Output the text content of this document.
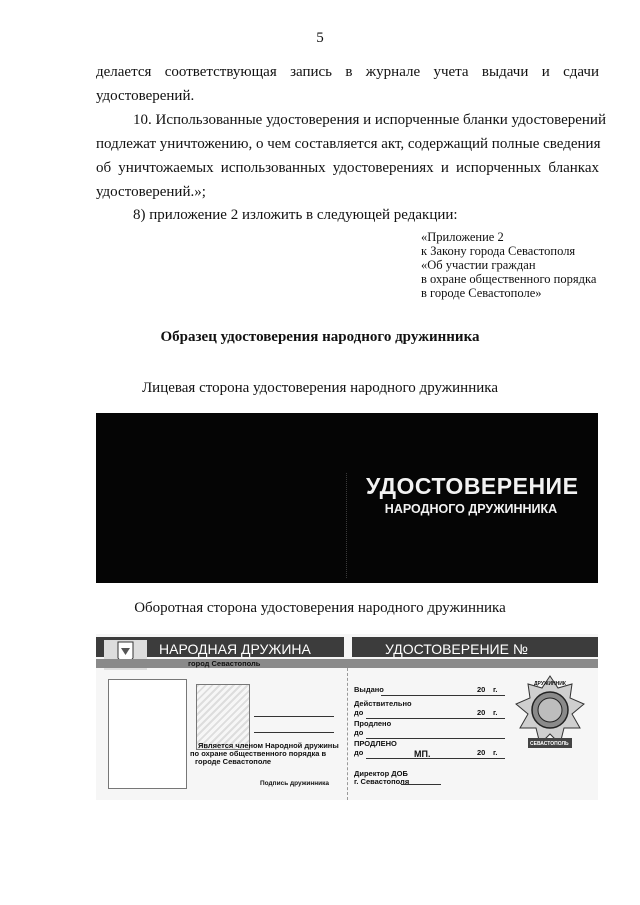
5
делается соответствующая запись в журнале учета выдачи и сдачи
удостоверений.
10. Использованные удостоверения и испорченные бланки удостоверений
подлежат уничтожению, о чем составляется акт, содержащий полные сведения
об уничтожаемых использованных удостоверениях и испорченных бланках
удостоверений.»;
8) приложение 2 изложить в следующей редакции:
«Приложение 2
к Закону города Севастополя
«Об участии граждан
в охране общественного порядка
в городе Севастополе»
Образец удостоверения народного дружинника
Лицевая сторона удостоверения народного дружинника
УДОСТОВЕРЕНИЕ
НАРОДНОГО ДРУЖИННИКА
Оборотная сторона удостоверения народного дружинника
НАРОДНАЯ ДРУЖИНА	УДОСТОВЕРЕНИЕ №
город Севастополь
Является членом Народной дружины
по охране общественного порядка в
городе Севастополе
Подпись дружинника
Выдано
Действительно
до
Продлено
до
ПРОДЛЕНО
до	МП.
20 г.
20 г.
20 г.
Директор ДОБ
г. Севастополя
ДРУЖИННИК
СЕВАСТОПОЛЬ
